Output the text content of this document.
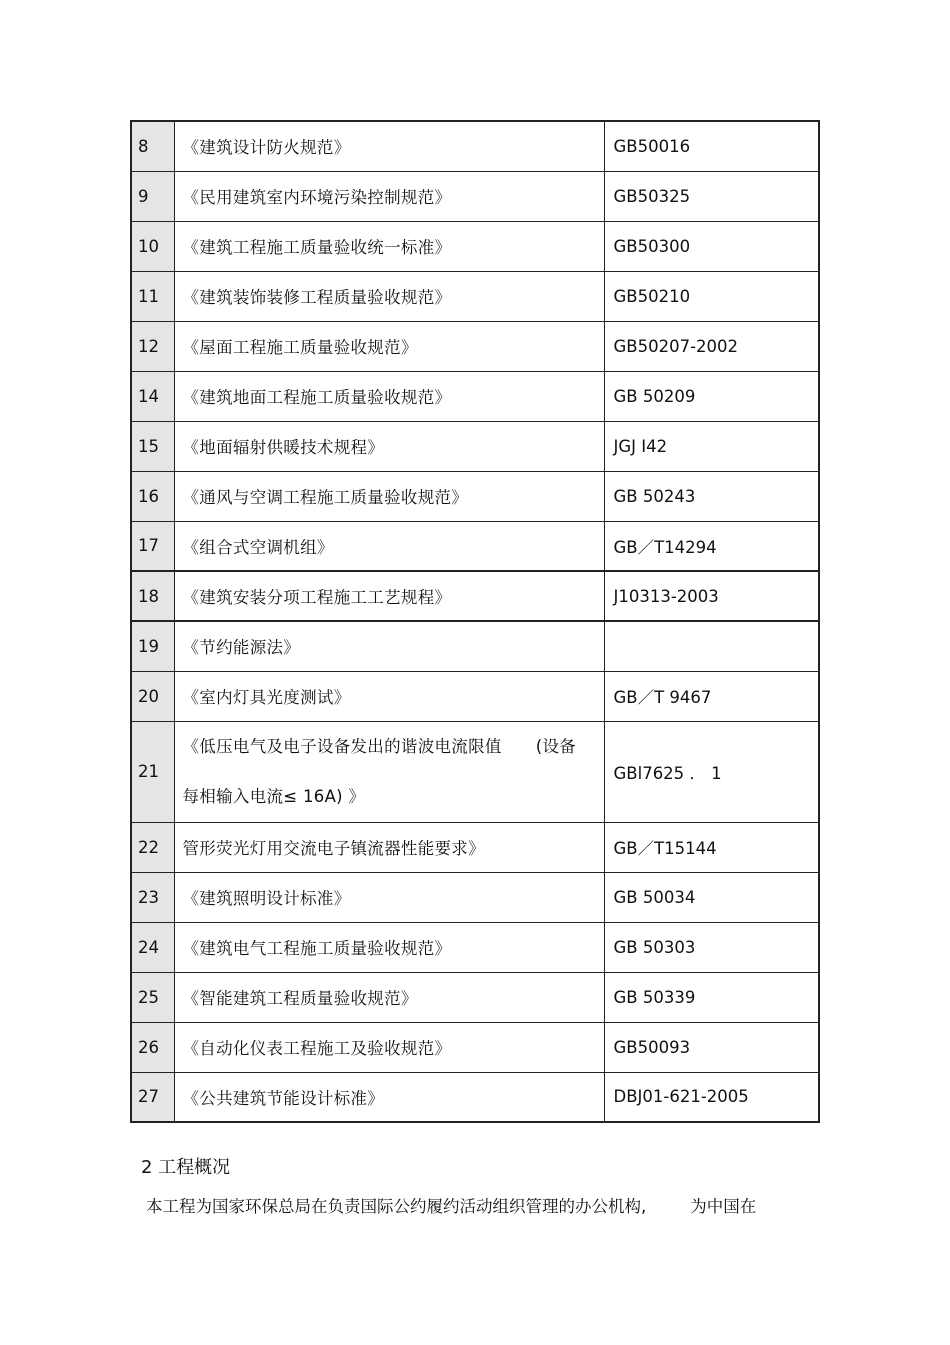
8	《建筑设计防火规范》	GB50016
9	《民用建筑室内环境污染控制规范》	GB50325
10	《建筑工程施工质量验收统一标准》	GB50300
11	《建筑装饰装修工程质量验收规范》	GB50210
12	《屋面工程施工质量验收规范》	GB50207-2002
14	《建筑地面工程施工质量验收规范》	GB 50209
15	《地面辐射供暖技术规程》	JGJ I42
16	《通风与空调工程施工质量验收规范》	GB 50243
17	《组合式空调机组》	GB／T14294
18	《建筑安装分项工程施工工艺规程》	J10313-2003
19	《节约能源法》	
20	《室内灯具光度测试》	GB／T 9467
21	《低压电气及电子设备发出的谐波电流限值 (设备
每相输入电流≤ 16A) 》	GBl7625 ． 1
22	管形荧光灯用交流电子镇流器性能要求》	GB／T15144
23	《建筑照明设计标准》	GB 50034
24	《建筑电气工程施工质量验收规范》	GB 50303
25	《智能建筑工程质量验收规范》	GB 50339
26	《自动化仪表工程施工及验收规范》	GB50093
27	《公共建筑节能设计标准》	DBJ01-621-2005
2 工程概况
本工程为国家环保总局在负责国际公约履约活动组织管理的办公机构,	为中国在
